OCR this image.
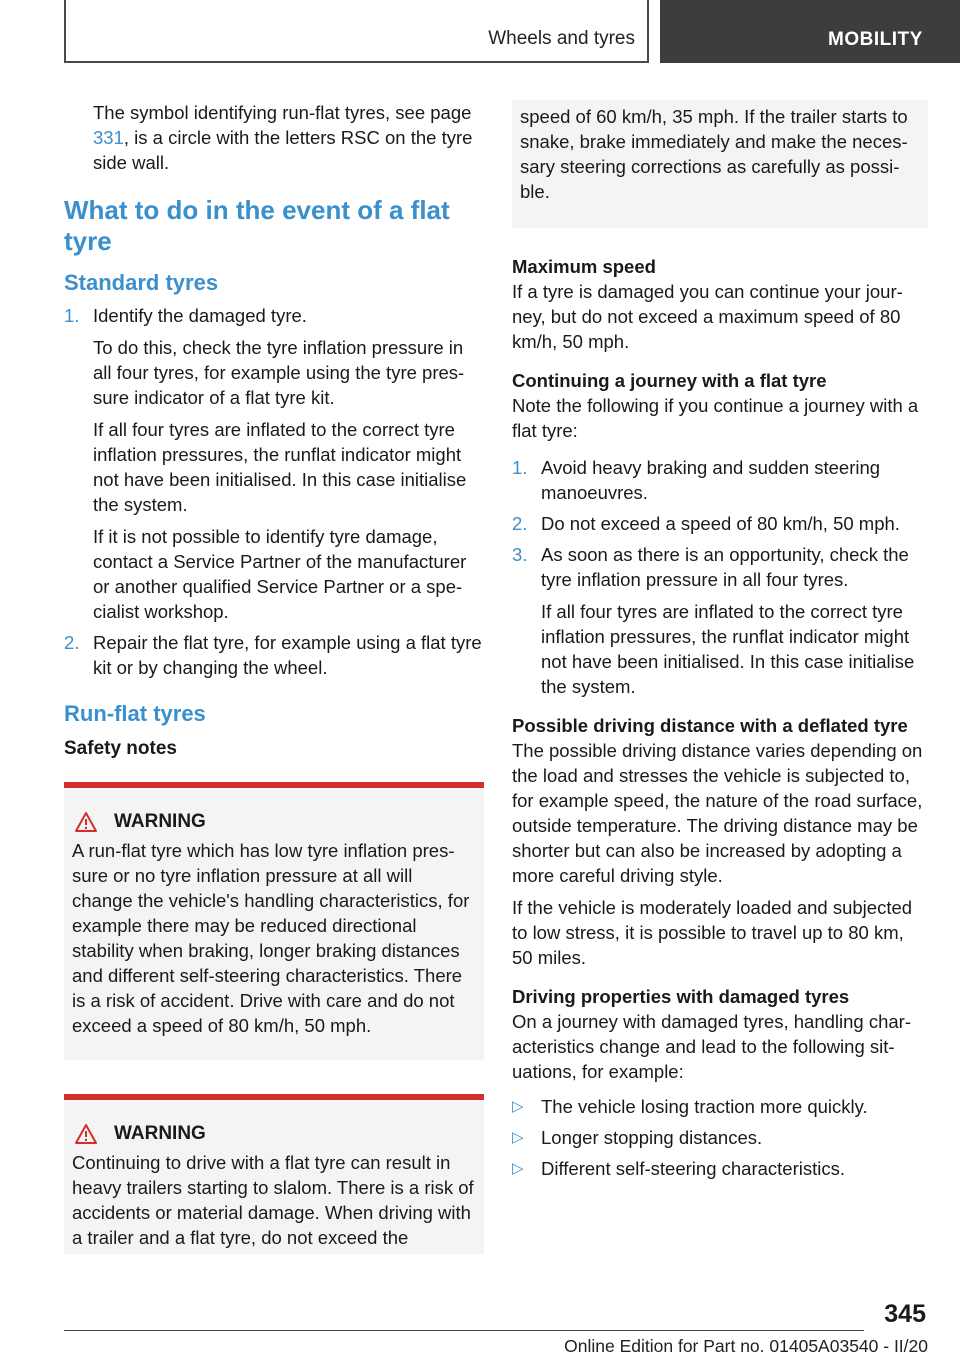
Wheels and tyres	MOBILITY

The symbol identifying run-flat tyres, see page 331, is a circle with the letters RSC on the tyre side wall.

What to do in the event of a flat tyre
Standard tyres
1. Identify the damaged tyre.

To do this, check the tyre inflation pressure in all four tyres, for example using the tyre pressure indicator of a flat tyre kit.

If all four tyres are inflated to the correct tyre inflation pressures, the runflat indicator might not have been initialised. In this case initialise the system.

If it is not possible to identify tyre damage, contact a Service Partner of the manufacturer or another qualified Service Partner or a specialist workshop.

2. Repair the flat tyre, for example using a flat tyre kit or by changing the wheel.

Run-flat tyres
Safety notes
WARNING

A run-flat tyre which has low tyre inflation pressure or no tyre inflation pressure at all will change the vehicle's handling characteristics, for example there may be reduced directional stability when braking, longer braking distances and different self-steering characteristics. There is a risk of accident. Drive with care and do not exceed a speed of 80 km/h, 50 mph.

WARNING

Continuing to drive with a flat tyre can result in heavy trailers starting to slalom. There is a risk of accidents or material damage. When driving with a trailer and a flat tyre, do not exceed the

speed of 60 km/h, 35 mph. If the trailer starts to snake, brake immediately and make the necessary steering corrections as carefully as possible.

Maximum speed

If a tyre is damaged you can continue your journey, but do not exceed a maximum speed of 80 km/h, 50 mph.

Continuing a journey with a flat tyre

Note the following if you continue a journey with a flat tyre:

1. Avoid heavy braking and sudden steering manoeuvres.

2. Do not exceed a speed of 80 km/h, 50 mph.

3. As soon as there is an opportunity, check the tyre inflation pressure in all four tyres.

If all four tyres are inflated to the correct tyre inflation pressures, the runflat indicator might not have been initialised. In this case initialise the system.

Possible driving distance with a deflated tyre

The possible driving distance varies depending on the load and stresses the vehicle is subjected to, for example speed, the nature of the road surface, outside temperature. The driving distance may be shorter but can also be increased by adopting a more careful driving style.

If the vehicle is moderately loaded and subjected to low stress, it is possible to travel up to 80 km, 50 miles.

Driving properties with damaged tyres

On a journey with damaged tyres, handling characteristics change and lead to the following situations, for example:

▷ The vehicle losing traction more quickly.
▷ Longer stopping distances.
▷ Different self-steering characteristics.
345
Online Edition for Part no. 01405A03540 - II/20
